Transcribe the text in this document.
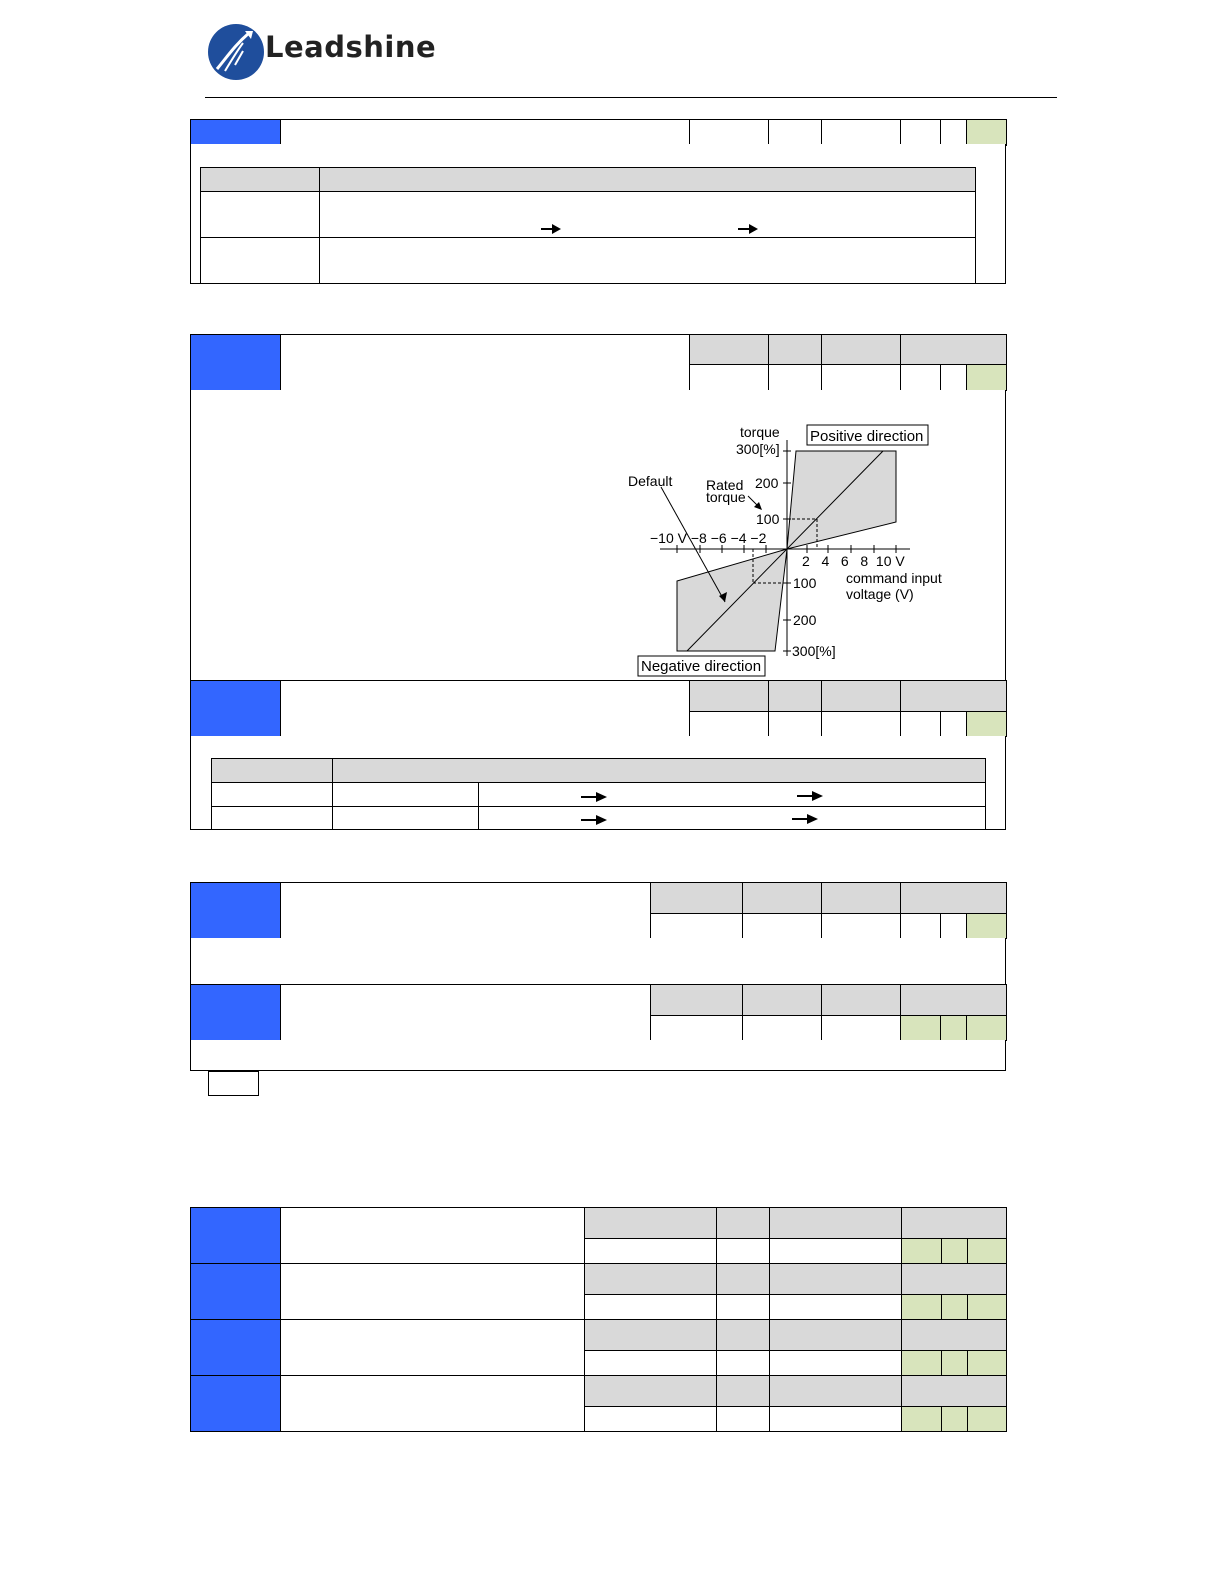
Leadshine

torque
300[%]
Positive direction
Default Rated
torque
200
100
−10 V −8 −6 −4 −2
2   4   6   8  10 V
100 command input
voltage (V)
200
300[%]
Negative direction
